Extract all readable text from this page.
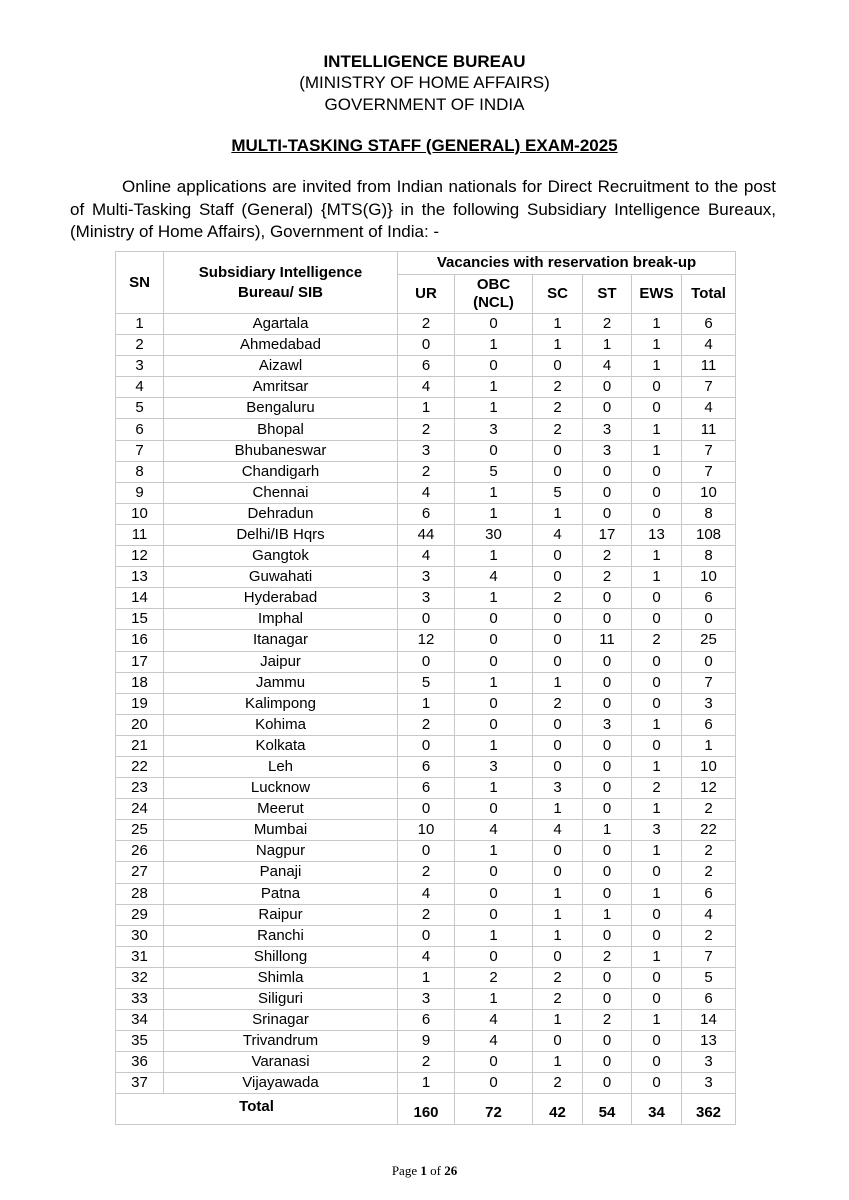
INTELLIGENCE BUREAU
(MINISTRY OF HOME AFFAIRS)
GOVERNMENT OF INDIA
MULTI-TASKING STAFF (GENERAL) EXAM-2025

Online applications are invited from Indian nationals for Direct Recruitment to the post of Multi-Tasking Staff (General) {MTS(G)} in the following Subsidiary Intelligence Bureaux, (Ministry of Home Affairs), Government of India: -

SN	Subsidiary Intelligence Bureau/ SIB	Vacancies with reservation break-up					
		UR	OBC (NCL)	SC	ST	EWS	Total
1	Agartala	2	0	1	2	1	6
2	Ahmedabad	0	1	1	1	1	4
3	Aizawl	6	0	0	4	1	11
4	Amritsar	4	1	2	0	0	7
5	Bengaluru	1	1	2	0	0	4
6	Bhopal	2	3	2	3	1	11
7	Bhubaneswar	3	0	0	3	1	7
8	Chandigarh	2	5	0	0	0	7
9	Chennai	4	1	5	0	0	10
10	Dehradun	6	1	1	0	0	8
11	Delhi/IB Hqrs	44	30	4	17	13	108
12	Gangtok	4	1	0	2	1	8
13	Guwahati	3	4	0	2	1	10
14	Hyderabad	3	1	2	0	0	6
15	Imphal	0	0	0	0	0	0
16	Itanagar	12	0	0	11	2	25
17	Jaipur	0	0	0	0	0	0
18	Jammu	5	1	1	0	0	7
19	Kalimpong	1	0	2	0	0	3
20	Kohima	2	0	0	3	1	6
21	Kolkata	0	1	0	0	0	1
22	Leh	6	3	0	0	1	10
23	Lucknow	6	1	3	0	2	12
24	Meerut	0	0	1	0	1	2
25	Mumbai	10	4	4	1	3	22
26	Nagpur	0	1	0	0	1	2
27	Panaji	2	0	0	0	0	2
28	Patna	4	0	1	0	1	6
29	Raipur	2	0	1	1	0	4
30	Ranchi	0	1	1	0	0	2
31	Shillong	4	0	0	2	1	7
32	Shimla	1	2	2	0	0	5
33	Siliguri	3	1	2	0	0	6
34	Srinagar	6	4	1	2	1	14
35	Trivandrum	9	4	0	0	0	13
36	Varanasi	2	0	1	0	0	3
37	Vijayawada	1	0	2	0	0	3
Total		160	72	42	54	34	362
Page 1 of 26
